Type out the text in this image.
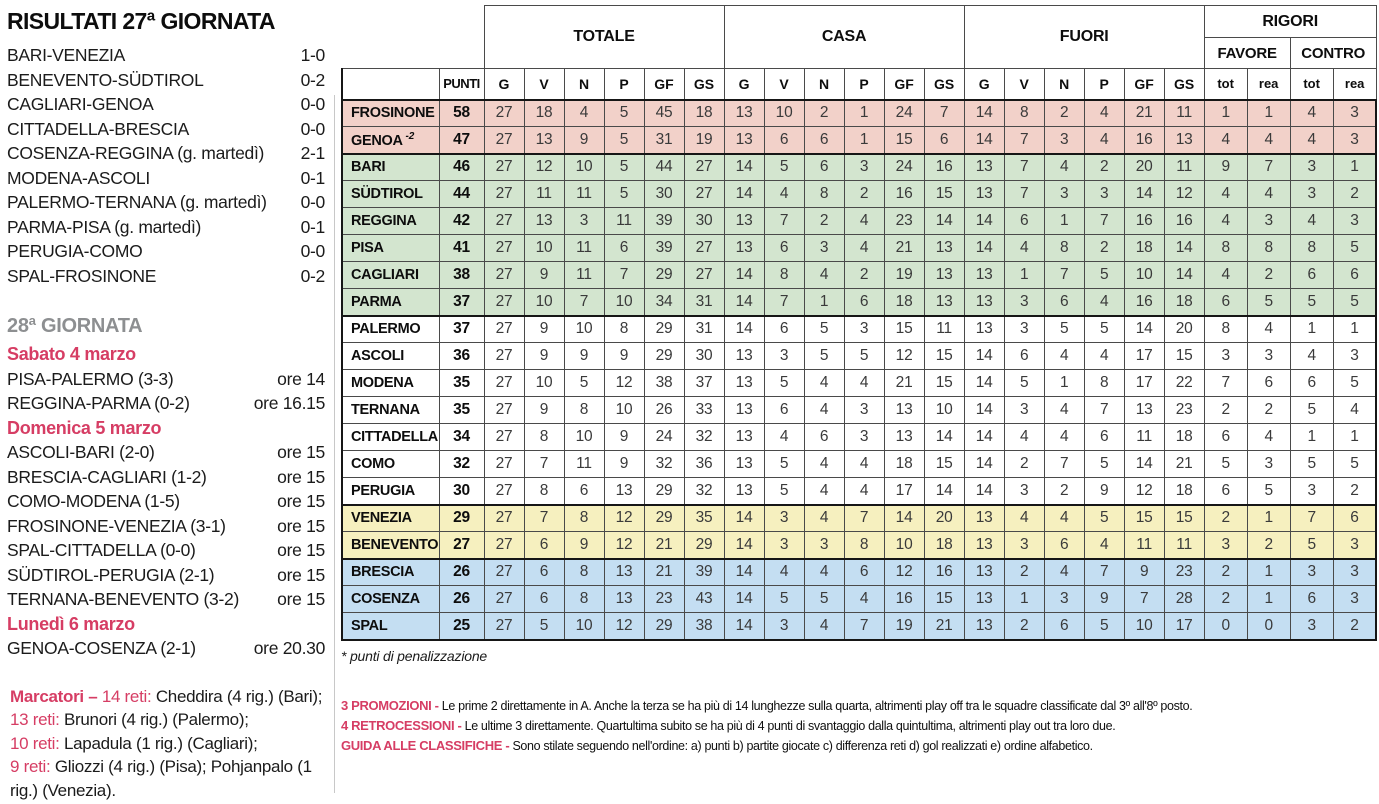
RISULTATI 27ª GIORNATA
BARI-VENEZIA	1-0
BENEVENTO-SÜDTIROL	0-2
CAGLIARI-GENOA	0-0
CITTADELLA-BRESCIA	0-0
COSENZA-REGGINA (g. martedì) 2-1
MODENA-ASCOLI	0-1
PALERMO-TERNANA (g. martedì) 0-0
PARMA-PISA (g. martedì)	0-1
PERUGIA-COMO	0-0
SPAL-FROSINONE	0-2
28ª GIORNATA
Sabato 4 marzo
PISA-PALERMO (3-3)	ore 14
REGGINA-PARMA (0-2)	ore 16.15
Domenica 5 marzo
ASCOLI-BARI (2-0)	ore 15
BRESCIA-CAGLIARI (1-2)	ore 15
COMO-MODENA (1-5)	ore 15
FROSINONE-VENEZIA (3-1)	ore 15
SPAL-CITTADELLA (0-0)	ore 15
SÜDTIROL-PERUGIA (2-1)	ore 15
TERNANA-BENEVENTO (3-2) ore 15
Lunedì 6 marzo
GENOA-COSENZA (2-1)	ore 20.30
Marcatori – 14 reti: Cheddira (4 rig.) (Bari);
13 reti: Brunori (4 rig.) (Palermo);
10 reti: Lapadula (1 rig.) (Cagliari);
9 reti: Gliozzi (4 rig.) (Pisa); Pohjanpalo (1 rig.) (Venezia).
		TOTALE						CASA						FUORI						RIGORI			
																				FAVORE		CONTRO	
	PUNTI	G	V	N	P	GF	GS	G	V	N	P	GF	GS	G	V	N	P	GF	GS	tot	rea	tot	rea
FROSINONE	58	27	18	4	5	45	18	13	10	2	1	24	7	14	8	2	4	21	11	1	1	4	3
GENOA $^{-2}$	47	27	13	9	5	31	19	13	6	6	1	15	6	14	7	3	4	16	13	4	4	4	3
BARI	46	27	12	10	5	44	27	14	5	6	3	24	16	13	7	4	2	20	11	9	7	3	1
SÜDTIROL	44	27	11	11	5	30	27	14	4	8	2	16	15	13	7	3	3	14	12	4	4	3	2
REGGINA	42	27	13	3	11	39	30	13	7	2	4	23	14	14	6	1	7	16	16	4	3	4	3
PISA	41	27	10	11	6	39	27	13	6	3	4	21	13	14	4	8	2	18	14	8	8	8	5
CAGLIARI	38	27	9	11	7	29	27	14	8	4	2	19	13	13	1	7	5	10	14	4	2	6	6
PARMA	37	27	10	7	10	34	31	14	7	1	6	18	13	13	3	6	4	16	18	6	5	5	5
PALERMO	37	27	9	10	8	29	31	14	6	5	3	15	11	13	3	5	5	14	20	8	4	1	1
ASCOLI	36	27	9	9	9	29	30	13	3	5	5	12	15	14	6	4	4	17	15	3	3	4	3
MODENA	35	27	10	5	12	38	37	13	5	4	4	21	15	14	5	1	8	17	22	7	6	6	5
TERNANA	35	27	9	8	10	26	33	13	6	4	3	13	10	14	3	4	7	13	23	2	2	5	4
CITTADELLA	34	27	8	10	9	24	32	13	4	6	3	13	14	14	4	4	6	11	18	6	4	1	1
COMO	32	27	7	11	9	32	36	13	5	4	4	18	15	14	2	7	5	14	21	5	3	5	5
PERUGIA	30	27	8	6	13	29	32	13	5	4	4	17	14	14	3	2	9	12	18	6	5	3	2
VENEZIA	29	27	7	8	12	29	35	14	3	4	7	14	20	13	4	4	5	15	15	2	1	7	6
BENEVENTO	27	27	6	9	12	21	29	14	3	3	8	10	18	13	3	6	4	11	11	3	2	5	3
BRESCIA	26	27	6	8	13	21	39	14	4	4	6	12	16	13	2	4	7	9	23	2	1	3	3
COSENZA	26	27	6	8	13	23	43	14	5	5	4	16	15	13	1	3	9	7	28	2	1	6	3
SPAL	25	27	5	10	12	29	38	14	3	4	7	19	21	13	2	6	5	10	17	0	0	3	2
* punti di penalizzazione
3 PROMOZIONI - Le prime 2 direttamente in A. Anche la terza se ha più di 14 lunghezze sulla quarta, altrimenti play off tra le squadre classificate dal 3º all'8º posto.
4 RETROCESSIONI - Le ultime 3 direttamente. Quartultima subito se ha più di 4 punti di svantaggio dalla quintultima, altrimenti play out tra loro due.
GUIDA ALLE CLASSIFICHE - Sono stilate seguendo nell'ordine: a) punti b) partite giocate c) differenza reti d) gol realizzati e) ordine alfabetico.
